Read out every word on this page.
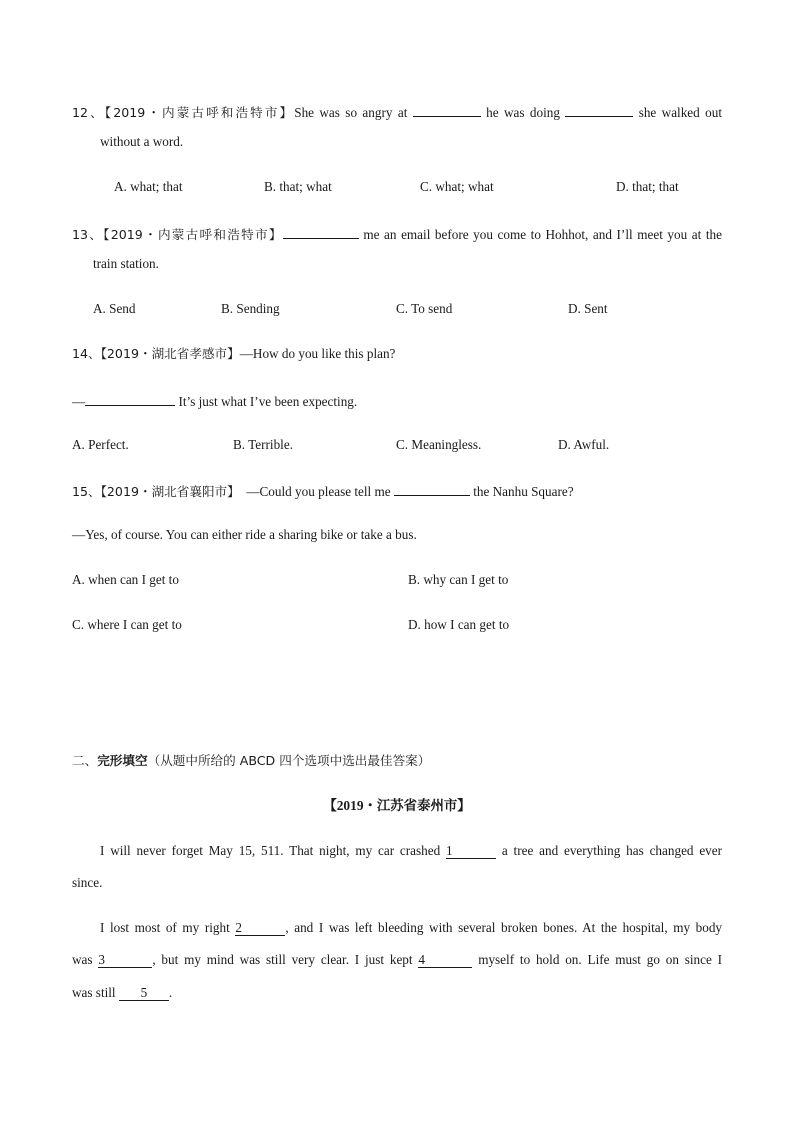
12、【2019・内蒙古呼和浩特市】She was so angry at	he was doing	she walked out
without a word.
A. what; that	B. that; what	C. what; what	D. that; that
13、【2019・内蒙古呼和浩特市】	me an email before you come to Hohhot, and I’ll meet you at the
train station.
A. Send	B. Sending	C. To send	D. Sent
14、【2019・湖北省孝感市】—How do you like this plan?
—	It’s just what I’ve been expecting.
A. Perfect.	B. Terrible.	C. Meaningless.	D. Awful.
15、【2019・湖北省襄阳市】 —Could you please tell me	the Nanhu Square?
—Yes, of course. You can either ride a sharing bike or take a bus.
A. when can I get to	B. why can I get to
C. where I can get to	D. how I can get to
二、完形填空（从题中所给的 ABCD 四个选项中选出最佳答案）
【2019・江苏省泰州市】
I will never forget May 15, 511. That night, my car crashed 1	a tree and everything has changed ever
since.
I lost most of my right 2	, and I was left bleeding with several broken bones. At the hospital, my body
was 3	, but my mind was still very clear. I just kept 4	myself to hold on. Life must go on since I
was still 5 .
